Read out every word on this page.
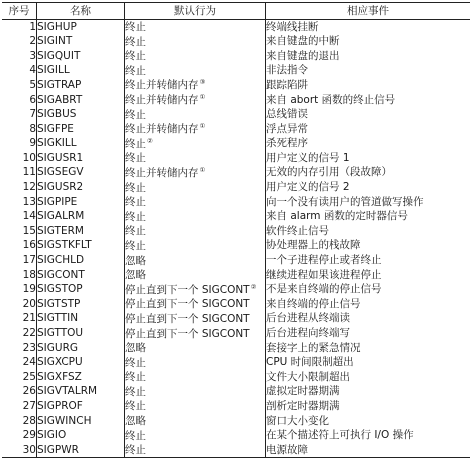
序号	名称	默认行为	相应事件
1	SIGHUP	终止	终端线挂断
2	SIGINT	终止	来自键盘的中断
3	SIGQUIT	终止	来自键盘的退出
4	SIGILL	终止	非法指令
5	SIGTRAP	终止并转储内存③	跟踪陷阱
6	SIGABRT	终止并转储内存①	来自 abort 函数的终止信号
7	SIGBUS	终止	总线错误
8	SIGFPE	终止并转储内存①	浮点异常
9	SIGKILL	终止②	杀死程序
10	SIGUSR1	终止	用户定义的信号 1
11	SIGSEGV	终止并转储内存①	无效的内存引用（段故障）
12	SIGUSR2	终止	用户定义的信号 2
13	SIGPIPE	终止	向一个没有读用户的管道做写操作
14	SIGALRM	终止	来自 alarm 函数的定时器信号
15	SIGTERM	终止	软件终止信号
16	SIGSTKFLT	终止	协处理器上的栈故障
17	SIGCHLD	忽略	一个子进程停止或者终止
18	SIGCONT	忽略	继续进程如果该进程停止
19	SIGSTOP	停止直到下一个 SIGCONT②	不是来自终端的停止信号
20	SIGTSTP	停止直到下一个 SIGCONT	来自终端的停止信号
21	SIGTTIN	停止直到下一个 SIGCONT	后台进程从终端读
22	SIGTTOU	停止直到下一个 SIGCONT	后台进程向终端写
23	SIGURG	忽略	套接字上的紧急情况
24	SIGXCPU	终止	CPU 时间限制超出
25	SIGXFSZ	终止	文件大小限制超出
26	SIGVTALRM	终止	虚拟定时器期满
27	SIGPROF	终止	剖析定时器期满
28	SIGWINCH	忽略	窗口大小变化
29	SIGIO	终止	在某个描述符上可执行 I/O 操作
30	SIGPWR	终止	电源故障
